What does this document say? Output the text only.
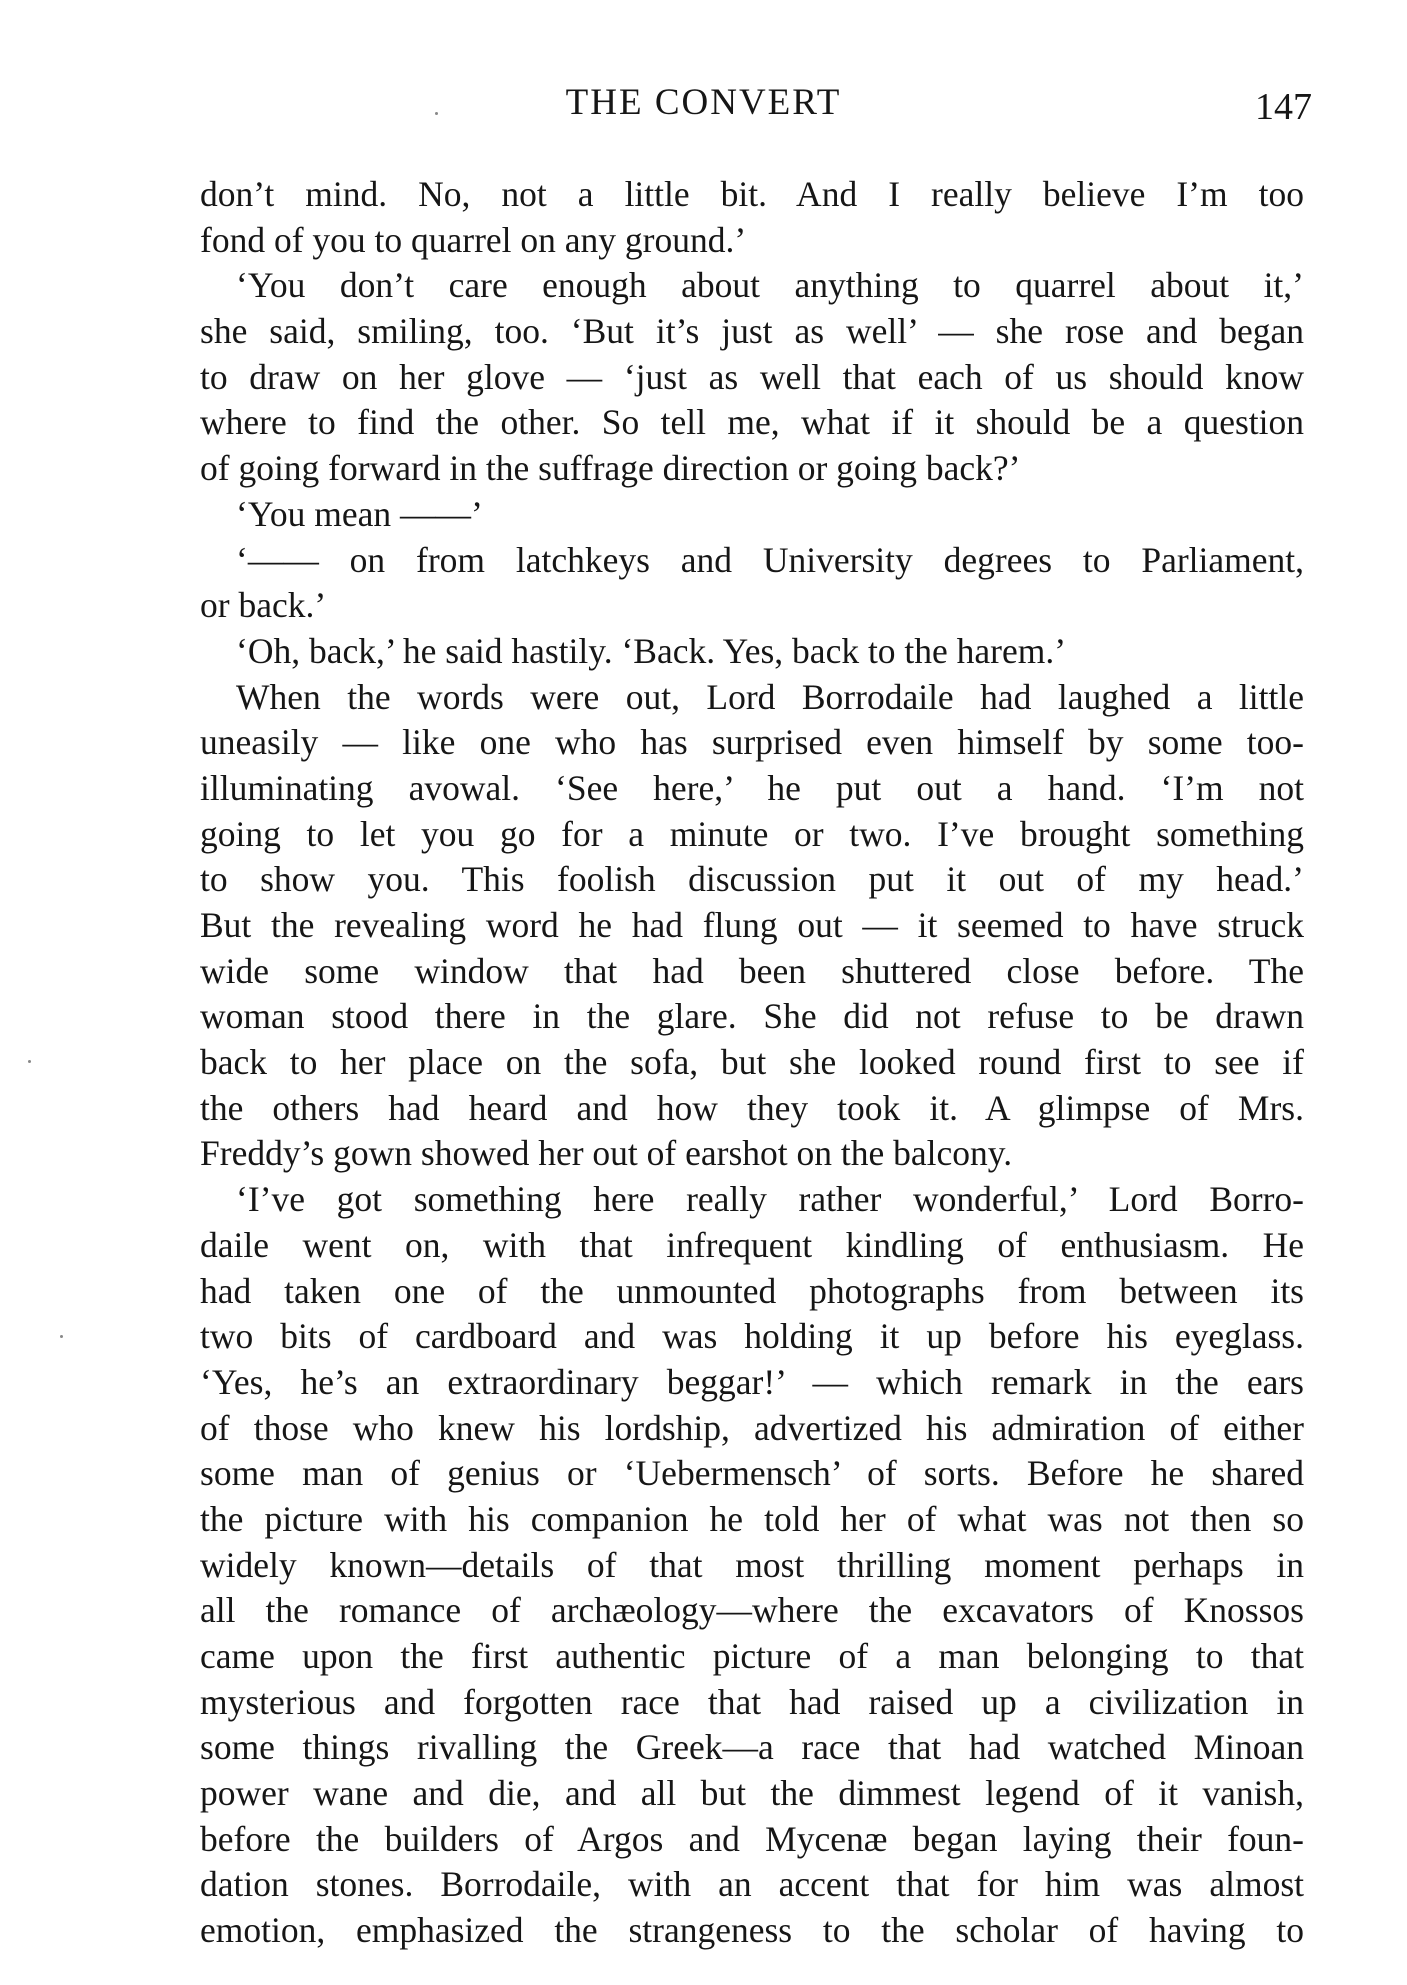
THE CONVERT	147
don’t mind. No, not a little bit. And I really believe I’m too
fond of you to quarrel on any ground.’
‘You don’t care enough about anything to quarrel about it,’
she said, smiling, too. ‘But it’s just as well’ — she rose and began
to draw on her glove — ‘just as well that each of us should know
where to find the other. So tell me, what if it should be a question
of going forward in the suffrage direction or going back?’
‘You mean ——’
‘—— on from latchkeys and University degrees to Parliament,
or back.’
‘Oh, back,’ he said hastily. ‘Back. Yes, back to the harem.’
When the words were out, Lord Borrodaile had laughed a little
uneasily — like one who has surprised even himself by some too-
illuminating avowal. ‘See here,’ he put out a hand. ‘I’m not
going to let you go for a minute or two. I’ve brought something
to show you. This foolish discussion put it out of my head.’
But the revealing word he had flung out — it seemed to have struck
wide some window that had been shuttered close before. The
woman stood there in the glare. She did not refuse to be drawn
back to her place on the sofa, but she looked round first to see if
the others had heard and how they took it. A glimpse of Mrs.
Freddy’s gown showed her out of earshot on the balcony.
‘I’ve got something here really rather wonderful,’ Lord Borro-
daile went on, with that infrequent kindling of enthusiasm. He
had taken one of the unmounted photographs from between its
two bits of cardboard and was holding it up before his eyeglass.
‘Yes, he’s an extraordinary beggar!’ — which remark in the ears
of those who knew his lordship, advertized his admiration of either
some man of genius or ‘Uebermensch’ of sorts. Before he shared
the picture with his companion he told her of what was not then so
widely known—details of that most thrilling moment perhaps in
all the romance of archæology—where the excavators of Knossos
came upon the first authentic picture of a man belonging to that
mysterious and forgotten race that had raised up a civilization in
some things rivalling the Greek—a race that had watched Minoan
power wane and die, and all but the dimmest legend of it vanish,
before the builders of Argos and Mycenæ began laying their foun-
dation stones. Borrodaile, with an accent that for him was almost
emotion, emphasized the strangeness to the scholar of having to
